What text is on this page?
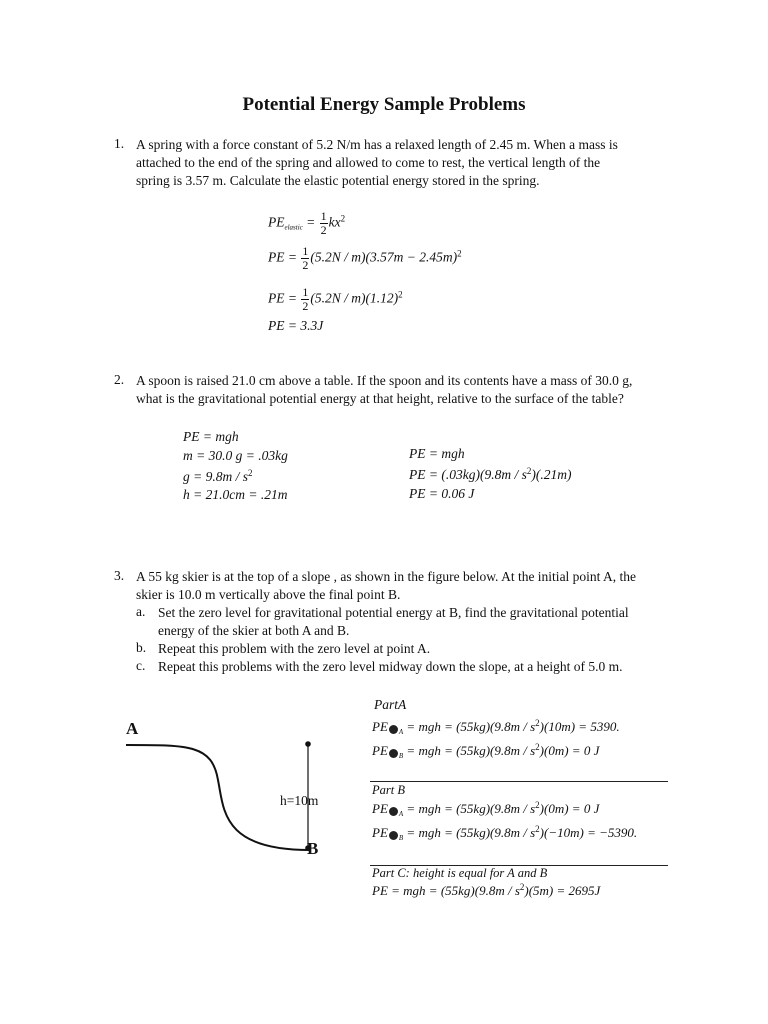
Potential Energy Sample Problems
1. A spring with a force constant of 5.2 N/m has a relaxed length of 2.45 m. When a mass is attached to the end of the spring and allowed to come to rest, the vertical length of the spring is 3.57 m. Calculate the elastic potential energy stored in the spring.
$PE_{elastic} = \frac{1}{2} kx^2$
PE = $\frac{1}{2} (5.2N / m)(3.57m - 2.45m)^2$
PE = $\frac{1}{2} (5.2N / m)(1.12)^2$
PE = 3.3J
2. A spoon is raised 21.0 cm above a table. If the spoon and its contents have a mass of 30.0 g, what is the gravitational potential energy at that height, relative to the surface of the table?
PE = mgh
m = 30.0 g = .03kg
$g = 9.8m / s^2$
h = 21.0cm = .21m
PE = mgh
PE = $(.03kg)(9.8m / s^2)(.21m)$
PE = 0.06 J
3. A 55 kg skier is at the top of a slope , as shown in the figure below. At the initial point A, the skier is 10.0 m vertically above the final point B.
a. Set the zero level for gravitational potential energy at B, find the gravitational potential energy of the skier at both A and B.
b. Repeat this problem with the zero level at point A.
c. Repeat this problems with the zero level midway down the slope, at a height of 5.0 m.
A
B
h=10m
PartA
PE $_A$ = mgh = $(55kg)(9.8m / s^2)(10m) = 5390$.
PE $_B$ = mgh = $(55kg)(9.8m / s^2)(0m) = 0$ J
Part B
PE $_A$ = mgh = $(55kg)(9.8m / s^2)(0m) = 0$ J
PE $_B$ = mgh = $(55kg)(9.8m / s^2)(-10m) = -5390$.
Part C: height is equal for A and B
PE = mgh = $(55kg)(9.8m / s^2)(5m) = 2695J$
